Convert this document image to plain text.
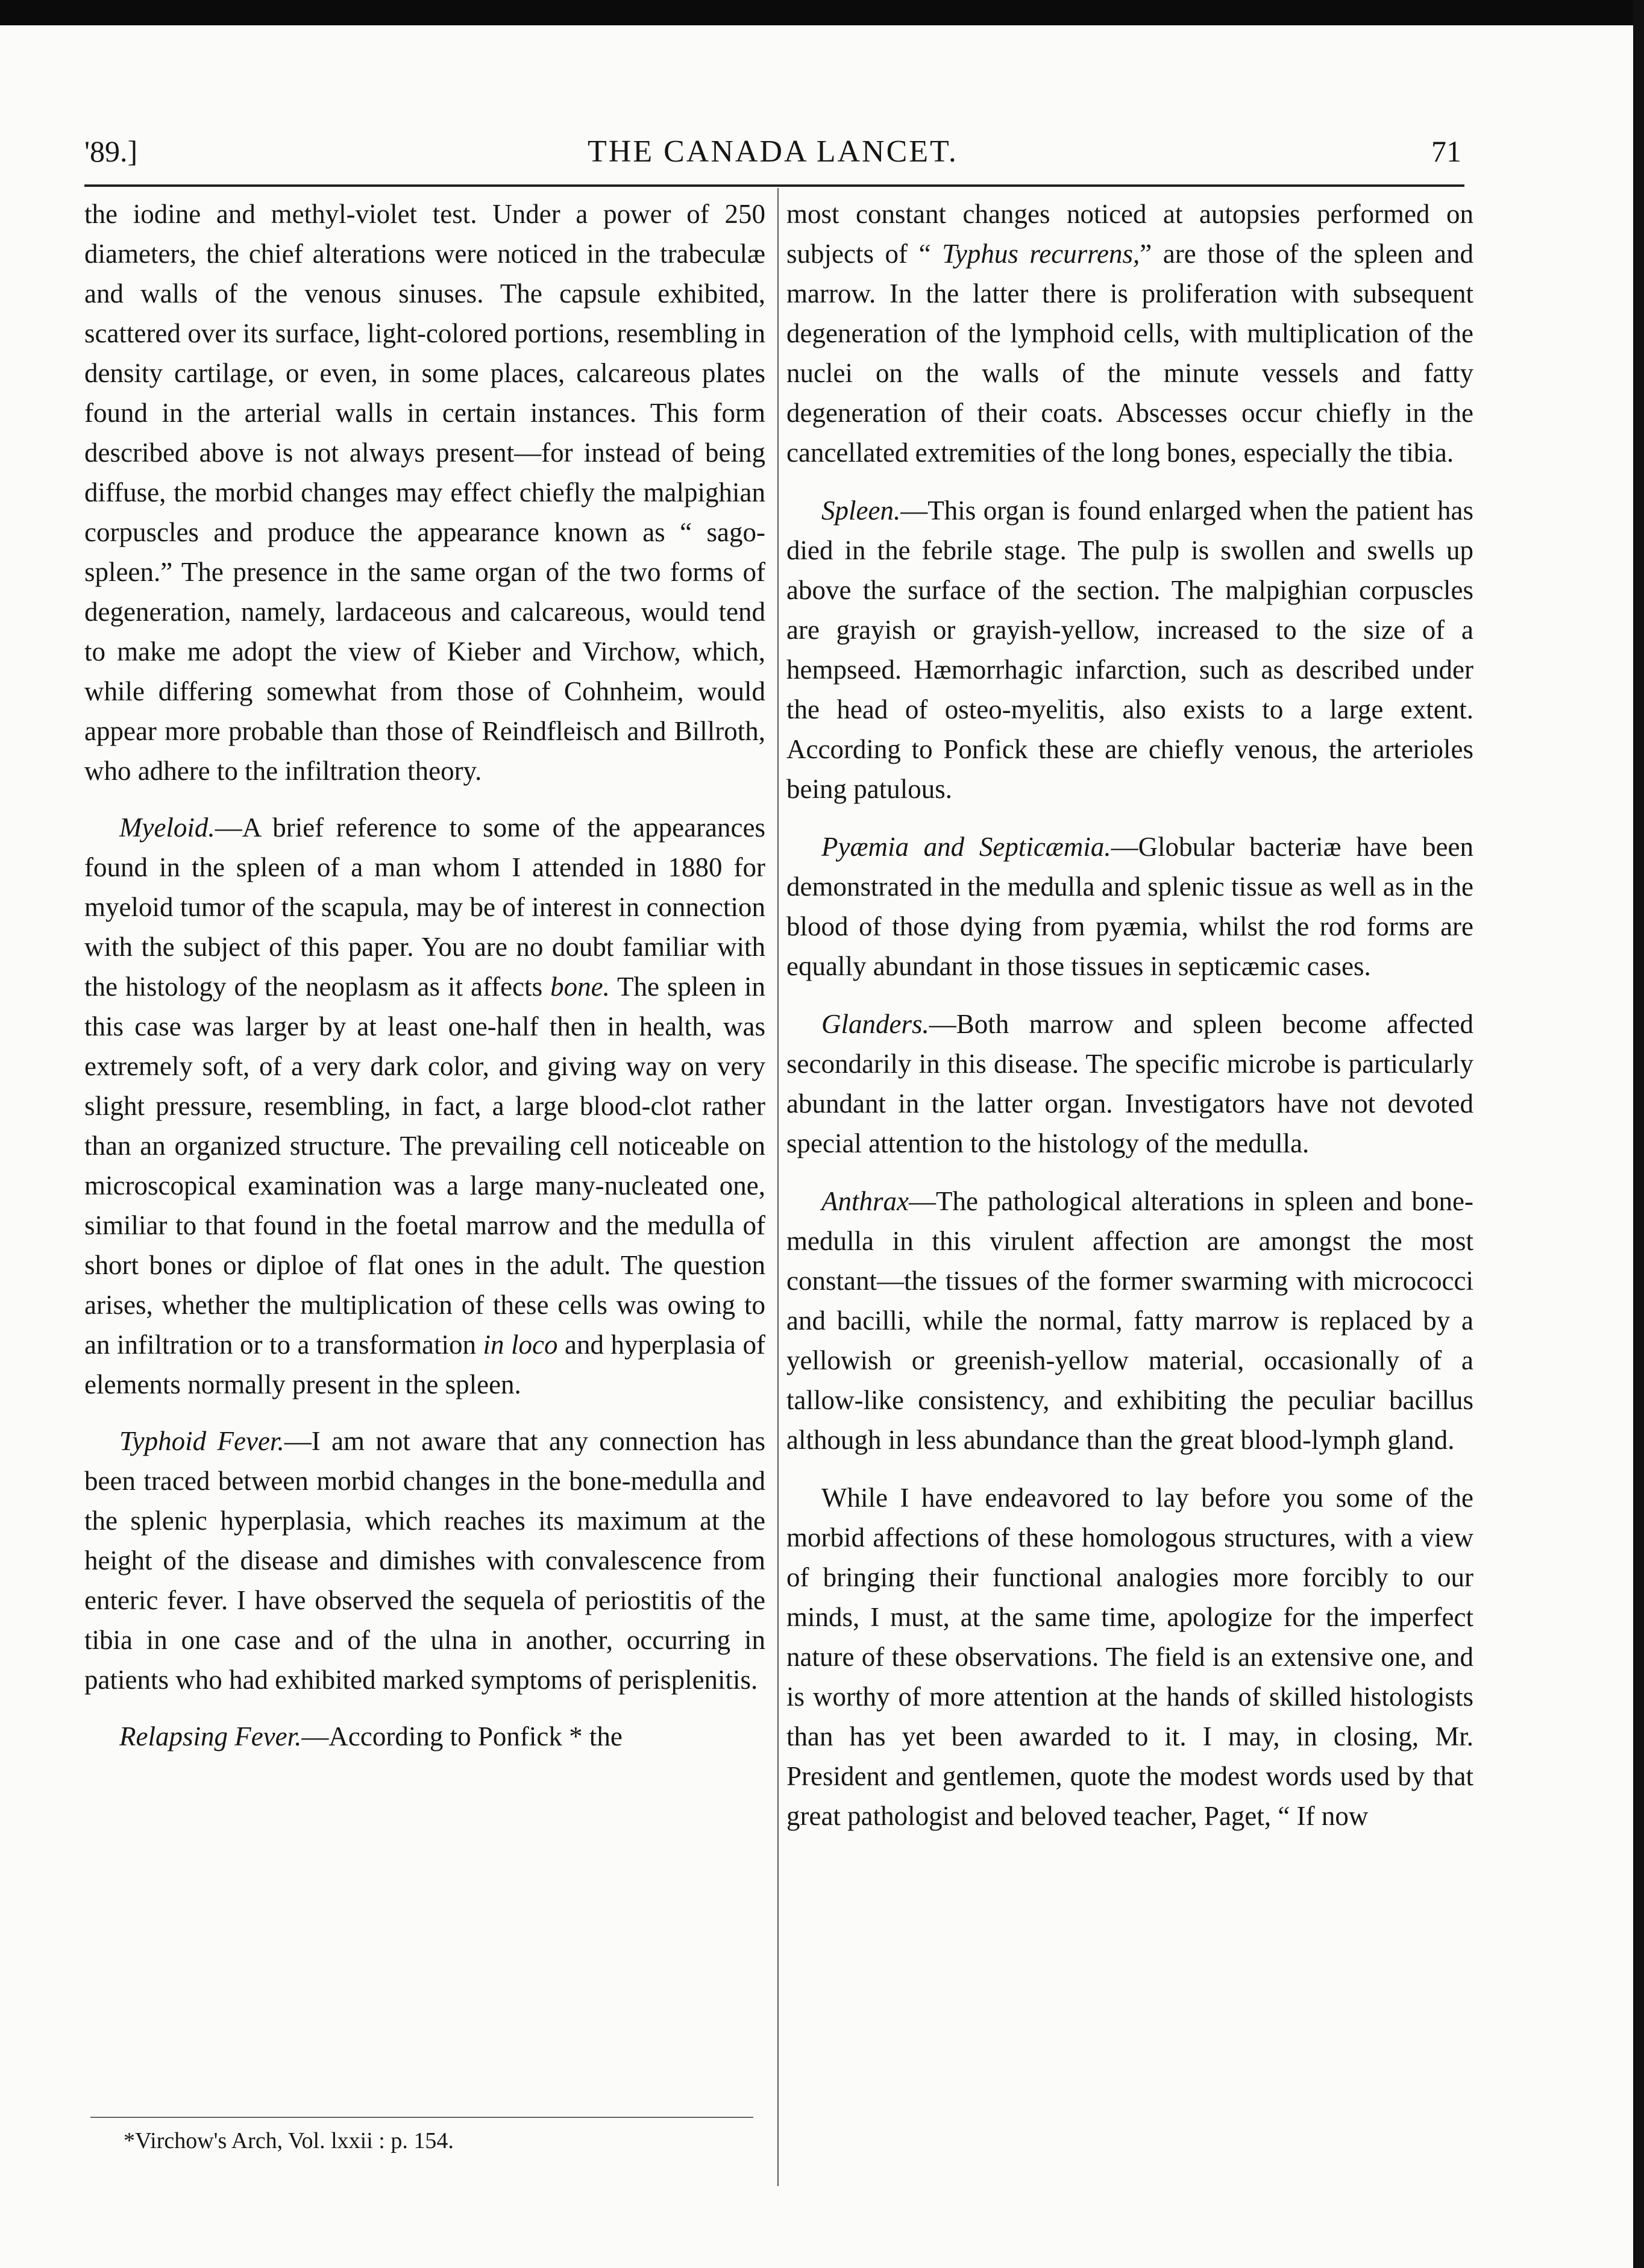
'89.]	THE CANADA LANCET.	71

the iodine and methyl-violet test. Under a power of 250 diameters, the chief alterations were noticed in the trabeculæ and walls of the venous sinuses. The capsule exhibited, scattered over its surface, light-colored portions, resembling in density cartilage, or even, in some places, calcareous plates found in the arterial walls in certain instances. This form described above is not always present—for instead of being diffuse, the morbid changes may effect chiefly the malpighian corpuscles and produce the appearance known as “ sago-spleen.” The presence in the same organ of the two forms of degeneration, namely, lardaceous and calcareous, would tend to make me adopt the view of Kieber and Virchow, which, while differing somewhat from those of Cohnheim, would appear more probable than those of Reindfleisch and Billroth, who adhere to the infiltration theory.

Myeloid.—A brief reference to some of the appearances found in the spleen of a man whom I attended in 1880 for myeloid tumor of the scapula, may be of interest in connection with the subject of this paper. You are no doubt familiar with the histology of the neoplasm as it affects bone. The spleen in this case was larger by at least one-half then in health, was extremely soft, of a very dark color, and giving way on very slight pressure, resembling, in fact, a large blood-clot rather than an organized structure. The prevailing cell noticeable on microscopical examination was a large many-nucleated one, similiar to that found in the foetal marrow and the medulla of short bones or diploe of flat ones in the adult. The question arises, whether the multiplication of these cells was owing to an infiltration or to a transformation in loco and hyperplasia of elements normally present in the spleen.

Typhoid Fever.—I am not aware that any connection has been traced between morbid changes in the bone-medulla and the splenic hyperplasia, which reaches its maximum at the height of the disease and dimishes with convalescence from enteric fever. I have observed the sequela of periostitis of the tibia in one case and of the ulna in another, occurring in patients who had exhibited marked symptoms of perisplenitis.

Relapsing Fever.—According to Ponfick * the

*Virchow's Arch, Vol. lxxii : p. 154.

most constant changes noticed at autopsies performed on subjects of “ Typhus recurrens,” are those of the spleen and marrow. In the latter there is proliferation with subsequent degeneration of the lymphoid cells, with multiplication of the nuclei on the walls of the minute vessels and fatty degeneration of their coats. Abscesses occur chiefly in the cancellated extremities of the long bones, especially the tibia.

Spleen.—This organ is found enlarged when the patient has died in the febrile stage. The pulp is swollen and swells up above the surface of the section. The malpighian corpuscles are grayish or grayish-yellow, increased to the size of a hempseed. Hæmorrhagic infarction, such as described under the head of osteo-myelitis, also exists to a large extent. According to Ponfick these are chiefly venous, the arterioles being patulous.

Pyæmia and Septicæmia.—Globular bacteriæ have been demonstrated in the medulla and splenic tissue as well as in the blood of those dying from pyæmia, whilst the rod forms are equally abundant in those tissues in septicæmic cases.

Glanders.—Both marrow and spleen become affected secondarily in this disease. The specific microbe is particularly abundant in the latter organ. Investigators have not devoted special attention to the histology of the medulla.

Anthrax—The pathological alterations in spleen and bone-medulla in this virulent affection are amongst the most constant—the tissues of the former swarming with micrococci and bacilli, while the normal, fatty marrow is replaced by a yellowish or greenish-yellow material, occasionally of a tallow-like consistency, and exhibiting the peculiar bacillus although in less abundance than the great blood-lymph gland.

While I have endeavored to lay before you some of the morbid affections of these homologous structures, with a view of bringing their functional analogies more forcibly to our minds, I must, at the same time, apologize for the imperfect nature of these observations. The field is an extensive one, and is worthy of more attention at the hands of skilled histologists than has yet been awarded to it. I may, in closing, Mr. President and gentlemen, quote the modest words used by that great pathologist and beloved teacher, Paget, “ If now
